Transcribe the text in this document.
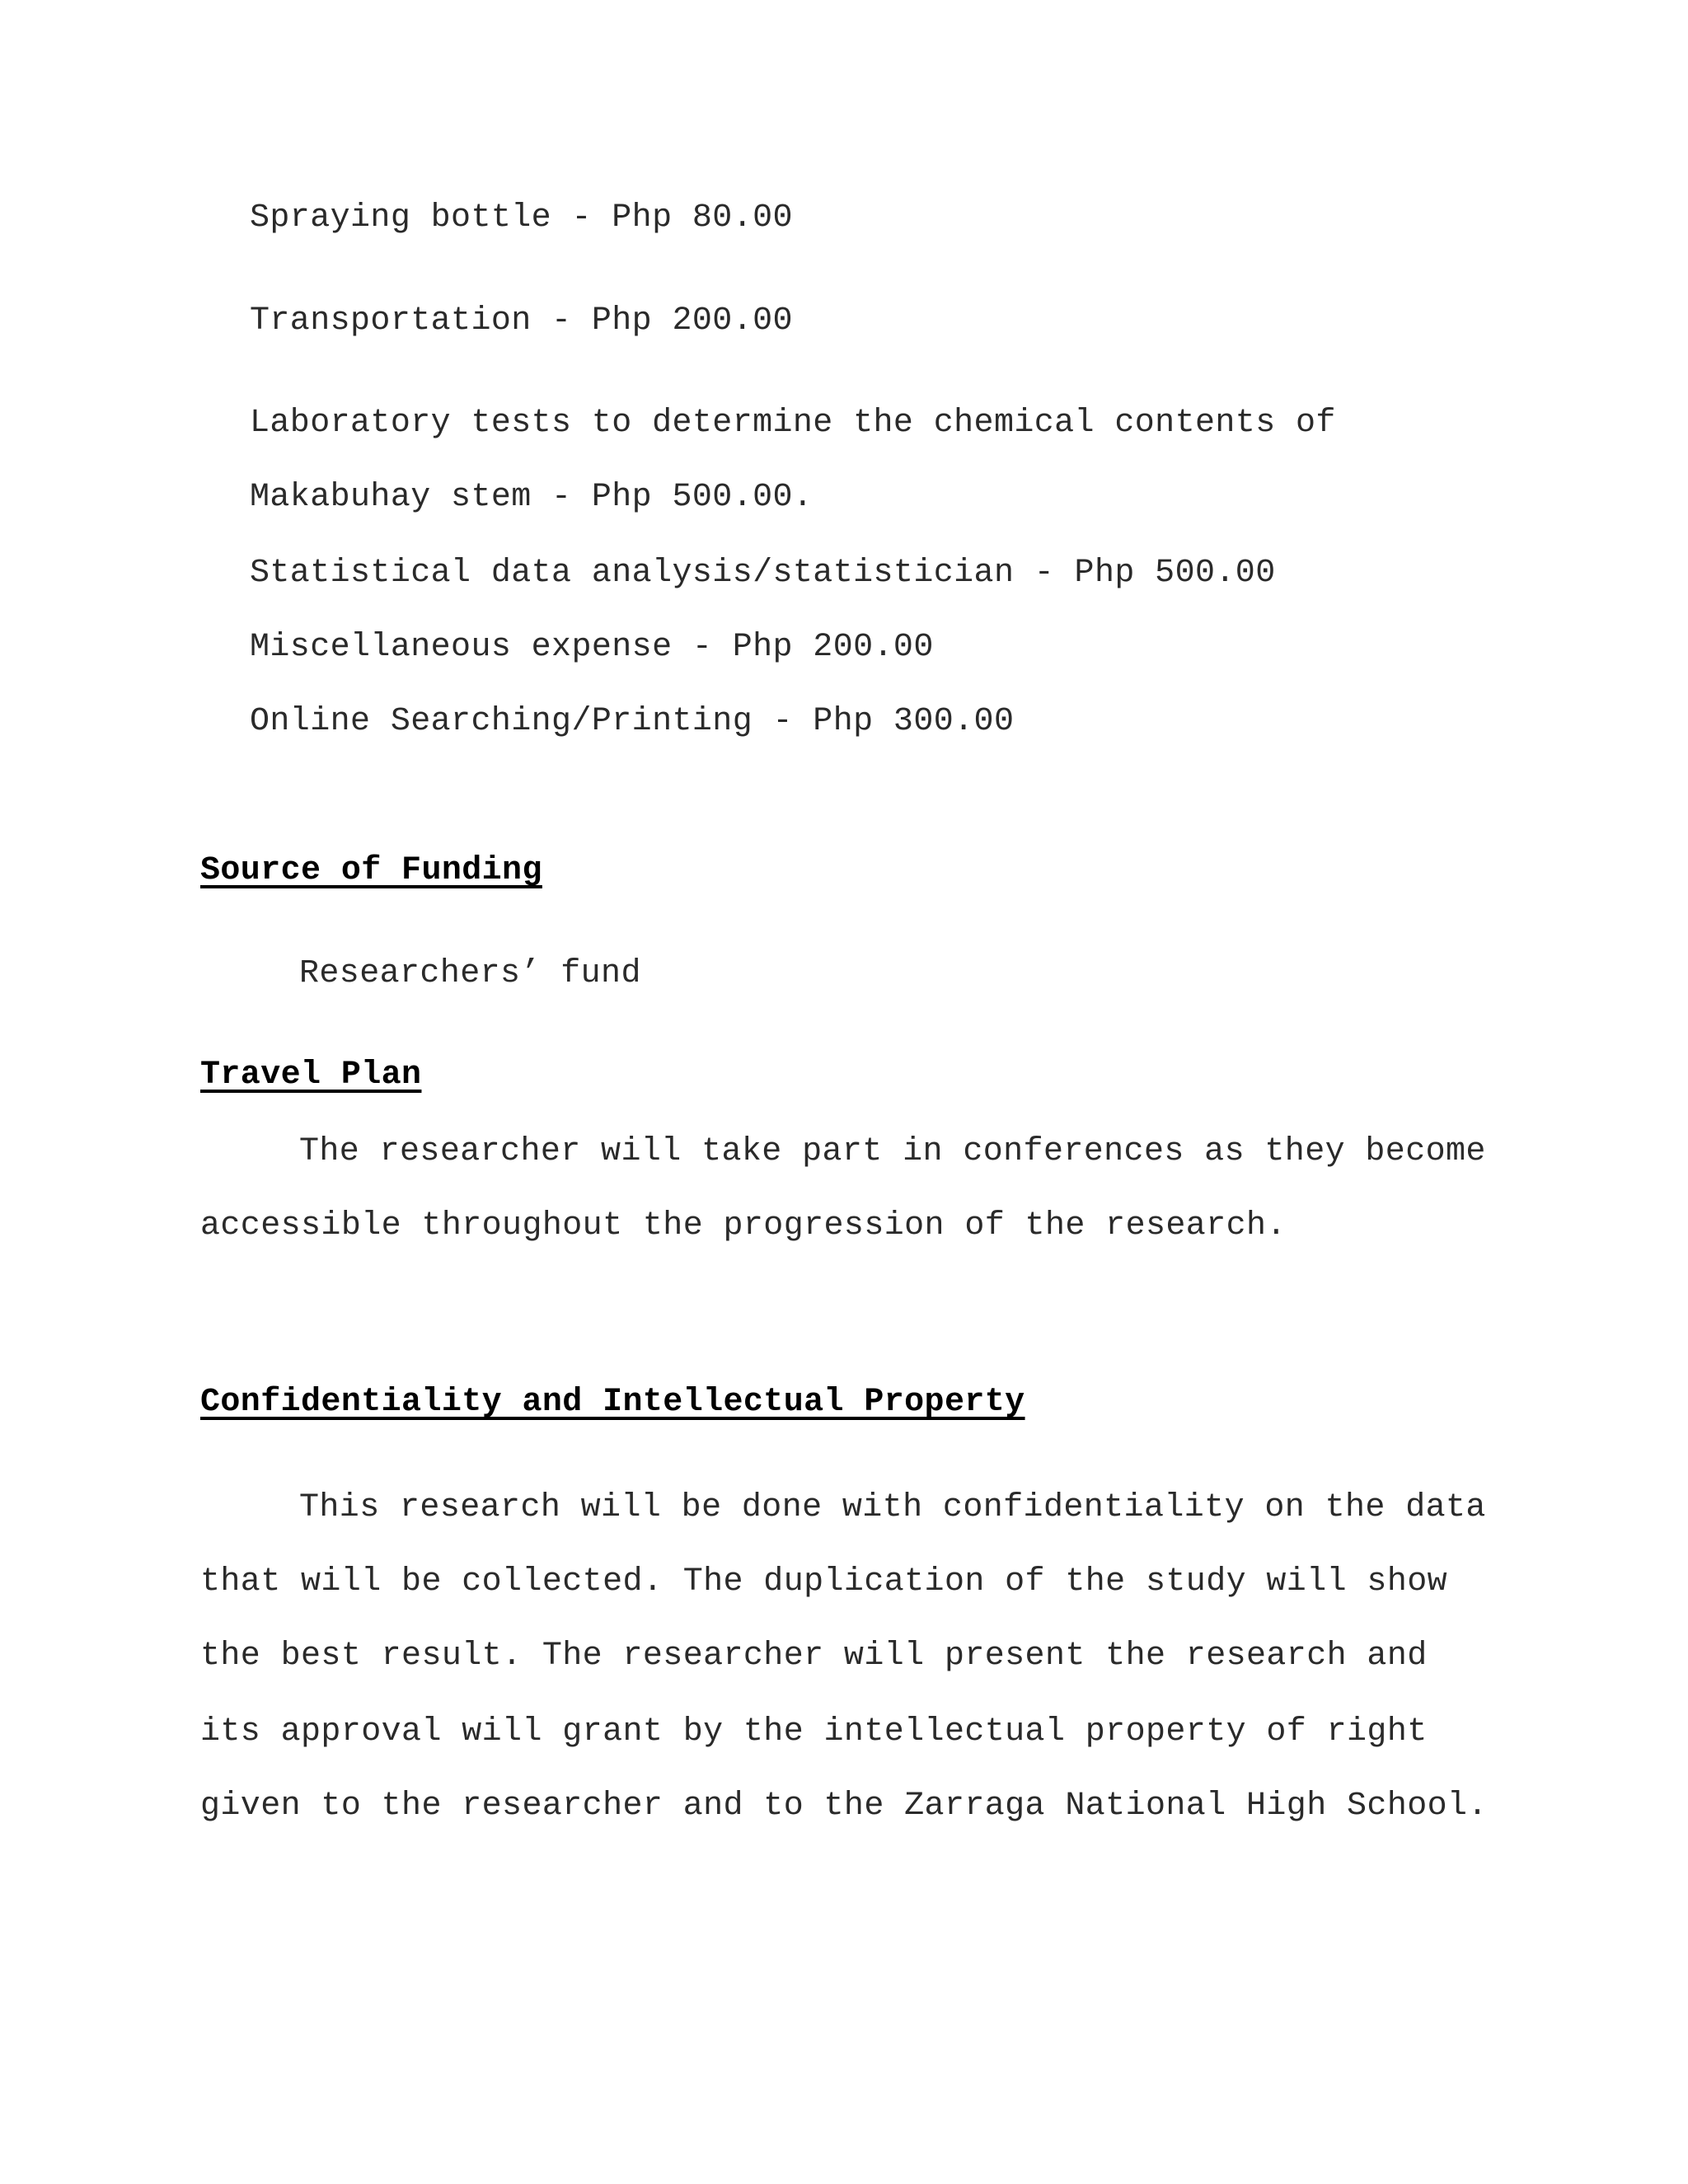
Spraying bottle - Php 80.00
Transportation - Php 200.00
Laboratory tests to determine the chemical contents of
Makabuhay stem - Php 500.00.
Statistical data analysis/statistician - Php 500.00
Miscellaneous expense - Php 200.00
Online Searching/Printing - Php 300.00
Source of Funding
Researchers’ fund
Travel Plan
The researcher will take part in conferences as they become
accessible throughout the progression of the research.
Confidentiality and Intellectual Property
This research will be done with confidentiality on the data
that will be collected. The duplication of the study will show
the best result. The researcher will present the research and
its approval will grant by the intellectual property of right
given to the researcher and to the Zarraga National High School.
